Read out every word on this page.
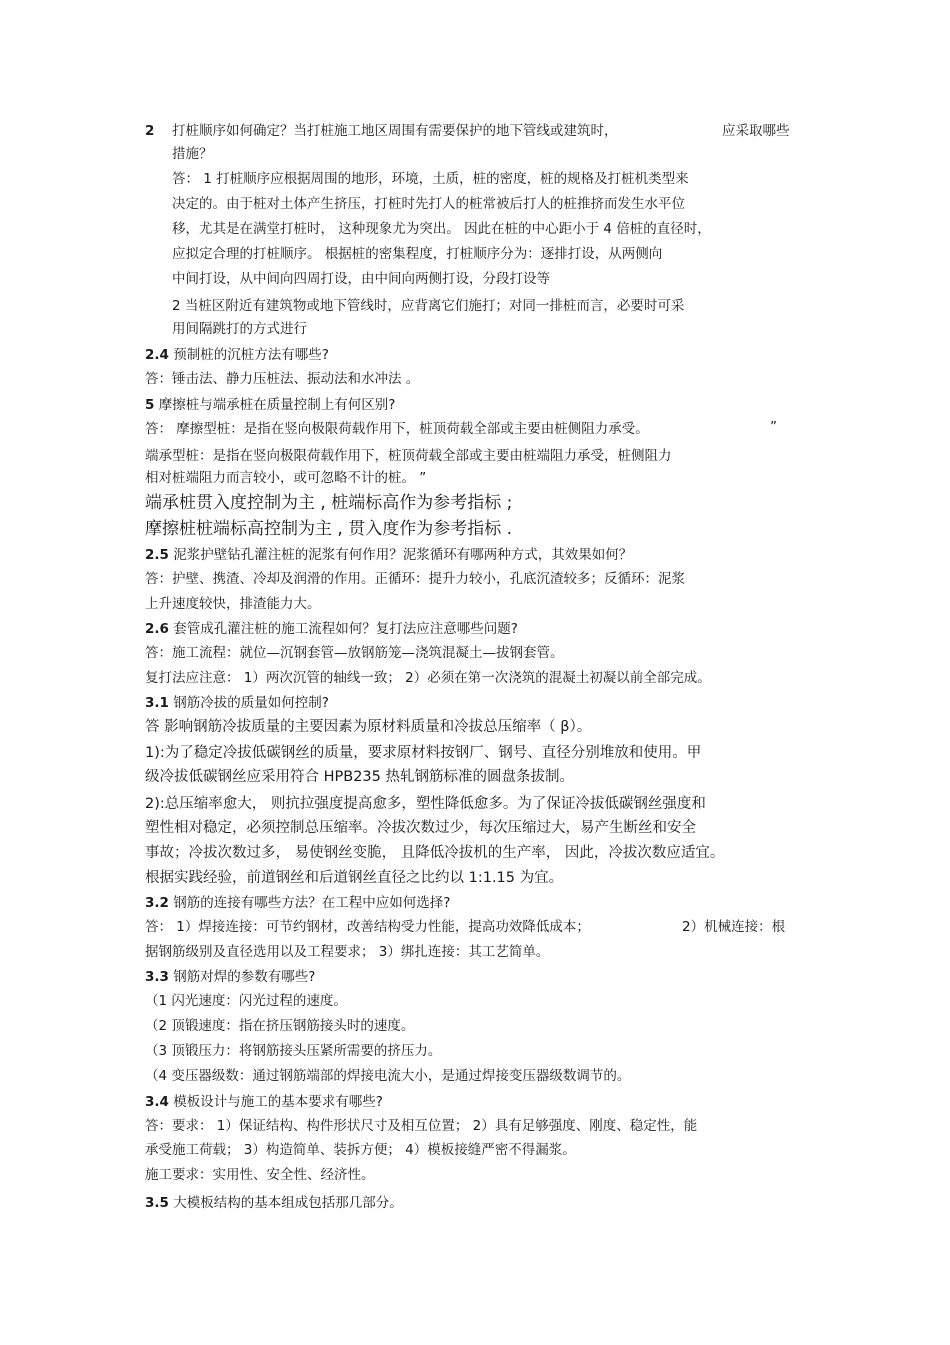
2 打桩顺序如何确定？当打桩施工地区周围有需要保护的地下管线或建筑时，	应采取哪些
措施？
答： 1 打桩顺序应根据周围的地形，环境，土质，桩的密度，桩的规格及打桩机类型来
决定的。由于桩对土体产生挤压，打桩时先打人的桩常被后打人的桩推挤而发生水平位
移，尤其是在满堂打桩时， 这种现象尤为突出。 因此在桩的中心距小于 4 倍桩的直径时，
应拟定合理的打桩顺序。 根据桩的密集程度，打桩顺序分为：逐排打设，从两侧向
中间打设，从中间向四周打设，由中间向两侧打设，分段打设等
2 当桩区附近有建筑物或地下管线时，应背离它们施打；对同一排桩而言，必要时可采
用间隔跳打的方式进行
2.4 预制桩的沉桩方法有哪些?
答：锤击法、静力压桩法、振动法和水冲法 。
5 摩擦桩与端承桩在质量控制上有何区别?
答： 摩擦型桩：是指在竖向极限荷载作用下，桩顶荷载全部或主要由桩侧阻力承受。	”
端承型桩：是指在竖向极限荷载作用下，桩顶荷载全部或主要由桩端阻力承受，桩侧阻力
相对桩端阻力而言较小，或可忽略不计的桩。 ”
端承桩贯入度控制为主 , 桩端标高作为参考指标 ;
摩擦桩桩端标高控制为主 , 贯入度作为参考指标 .
2.5 泥浆护壁钻孔灌注桩的泥浆有何作用？泥浆循环有哪两种方式，其效果如何？
答：护壁、携渣、冷却及润滑的作用。正循环：提升力较小，孔底沉渣较多；反循环：泥浆
上升速度较快，排渣能力大。
2.6 套管成孔灌注桩的施工流程如何？复打法应注意哪些问题?
答：施工流程：就位—沉钢套管—放钢筋笼—浇筑混凝土—拔钢套管。
复打法应注意： 1）两次沉管的轴线一致； 2）必须在第一次浇筑的混凝土初凝以前全部完成。
3.1 钢筋冷拔的质量如何控制?
答 影响钢筋冷拔质量的主要因素为原材料质量和冷拔总压缩率（ β）。
1):为了稳定冷拔低碳钢丝的质量，要求原材料按钢厂、钢号、直径分别堆放和使用。甲
级冷拔低碳钢丝应采用符合 HPB235 热轧钢筋标准的圆盘条拔制。
2):总压缩率愈大， 则抗拉强度提高愈多，塑性降低愈多。为了保证冷拔低碳钢丝强度和
塑性相对稳定，必须控制总压缩率。冷拔次数过少，每次压缩过大，易产生断丝和安全
事故；冷拔次数过多， 易使钢丝变脆， 且降低冷拔机的生产率， 因此，冷拔次数应适宜。
根据实践经验，前道钢丝和后道钢丝直径之比约以 1:1.15 为宜。
3.2 钢筋的连接有哪些方法？在工程中应如何选择?
答： 1）焊接连接：可节约钢材，改善结构受力性能，提高功效降低成本；	2）机械连接：根
据钢筋级别及直径选用以及工程要求； 3）绑扎连接：其工艺简单。
3.3 钢筋对焊的参数有哪些?
（1 闪光速度：闪光过程的速度。
（2 顶锻速度：指在挤压钢筋接头时的速度。
（3 顶锻压力：将钢筋接头压紧所需要的挤压力。
（4 变压器级数：通过钢筋端部的焊接电流大小，是通过焊接变压器级数调节的。
3.4 模板设计与施工的基本要求有哪些?
答：要求： 1）保证结构、构件形状尺寸及相互位置； 2）具有足够强度、刚度、稳定性，能
承受施工荷载； 3）构造简单、装拆方便； 4）模板接缝严密不得漏浆。
施工要求：实用性、安全性、经济性。
3.5 大模板结构的基本组成包括那几部分。
